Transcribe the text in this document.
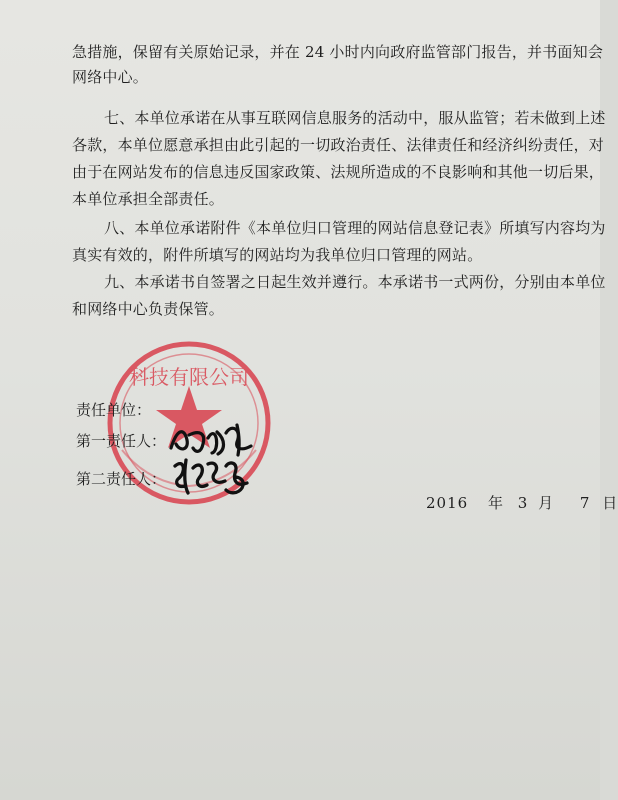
急措施，保留有关原始记录，并在 24 小时内向政府监管部门报告，并书面知会
网络中心。
七、本单位承诺在从事互联网信息服务的活动中，服从监管；若未做到上述
各款，本单位愿意承担由此引起的一切政治责任、法律责任和经济纠纷责任，对
由于在网站发布的信息违反国家政策、法规所造成的不良影响和其他一切后果，
本单位承担全部责任。
八、本单位承诺附件《本单位归口管理的网站信息登记表》所填写内容均为
真实有效的，附件所填写的网站均为我单位归口管理的网站。
九、本承诺书自签署之日起生效并遵行。本承诺书一式两份，分别由本单位
和网络中心负责保管。
科技有限公司
责任单位：
第一责任人：
第二责任人：
2016 年 3 月 7 日
